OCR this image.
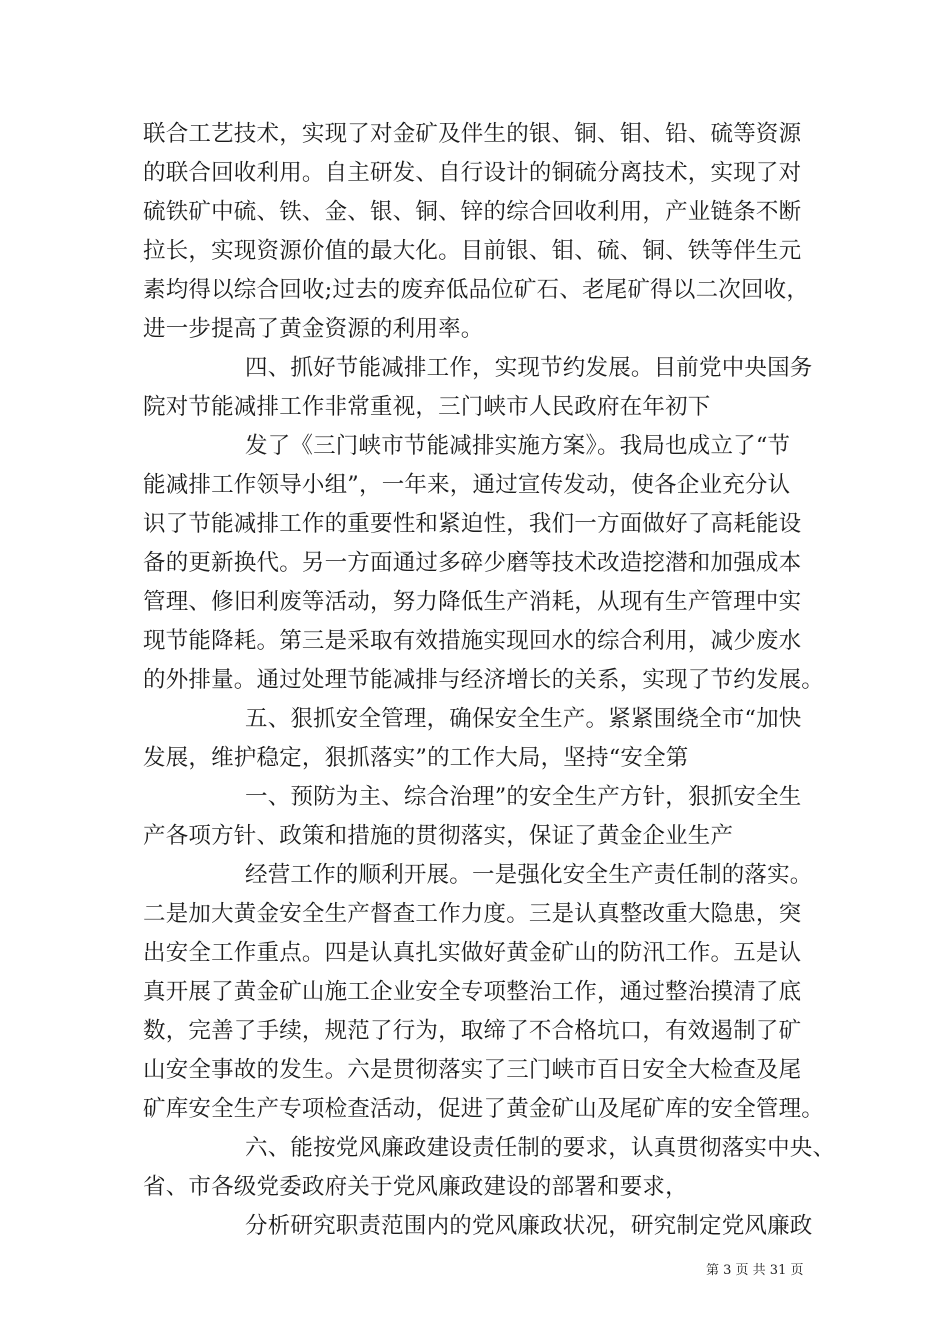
联合工艺技术，实现了对金矿及伴生的银、铜、钼、铅、硫等资源
的联合回收利用。自主研发、自行设计的铜硫分离技术，实现了对
硫铁矿中硫、铁、金、银、铜、锌的综合回收利用，产业链条不断
拉长，实现资源价值的最大化。目前银、钼、硫、铜、铁等伴生元
素均得以综合回收;过去的废弃低品位矿石、老尾矿得以二次回收，
进一步提高了黄金资源的利用率。
四、抓好节能减排工作，实现节约发展。目前党中央国务
院对节能减排工作非常重视，三门峡市人民政府在年初下
发了《三门峡市节能减排实施方案》。我局也成立了“节
能减排工作领导小组”，一年来，通过宣传发动，使各企业充分认
识了节能减排工作的重要性和紧迫性，我们一方面做好了高耗能设
备的更新换代。另一方面通过多碎少磨等技术改造挖潜和加强成本
管理、修旧利废等活动，努力降低生产消耗，从现有生产管理中实
现节能降耗。第三是采取有效措施实现回水的综合利用，减少废水
的外排量。通过处理节能减排与经济增长的关系，实现了节约发展。
五、狠抓安全管理，确保安全生产。紧紧围绕全市“加快
发展，维护稳定，狠抓落实”的工作大局，坚持“安全第
一、预防为主、综合治理”的安全生产方针，狠抓安全生
产各项方针、政策和措施的贯彻落实，保证了黄金企业生产
经营工作的顺利开展。一是强化安全生产责任制的落实。
二是加大黄金安全生产督查工作力度。三是认真整改重大隐患，突
出安全工作重点。四是认真扎实做好黄金矿山的防汛工作。五是认
真开展了黄金矿山施工企业安全专项整治工作，通过整治摸清了底
数，完善了手续，规范了行为，取缔了不合格坑口，有效遏制了矿
山安全事故的发生。六是贯彻落实了三门峡市百日安全大检查及尾
矿库安全生产专项检查活动，促进了黄金矿山及尾矿库的安全管理。
六、能按党风廉政建设责任制的要求，认真贯彻落实中央、
省、市各级党委政府关于党风廉政建设的部署和要求，
分析研究职责范围内的党风廉政状况，研究制定党风廉政
第 3 页 共 31 页
